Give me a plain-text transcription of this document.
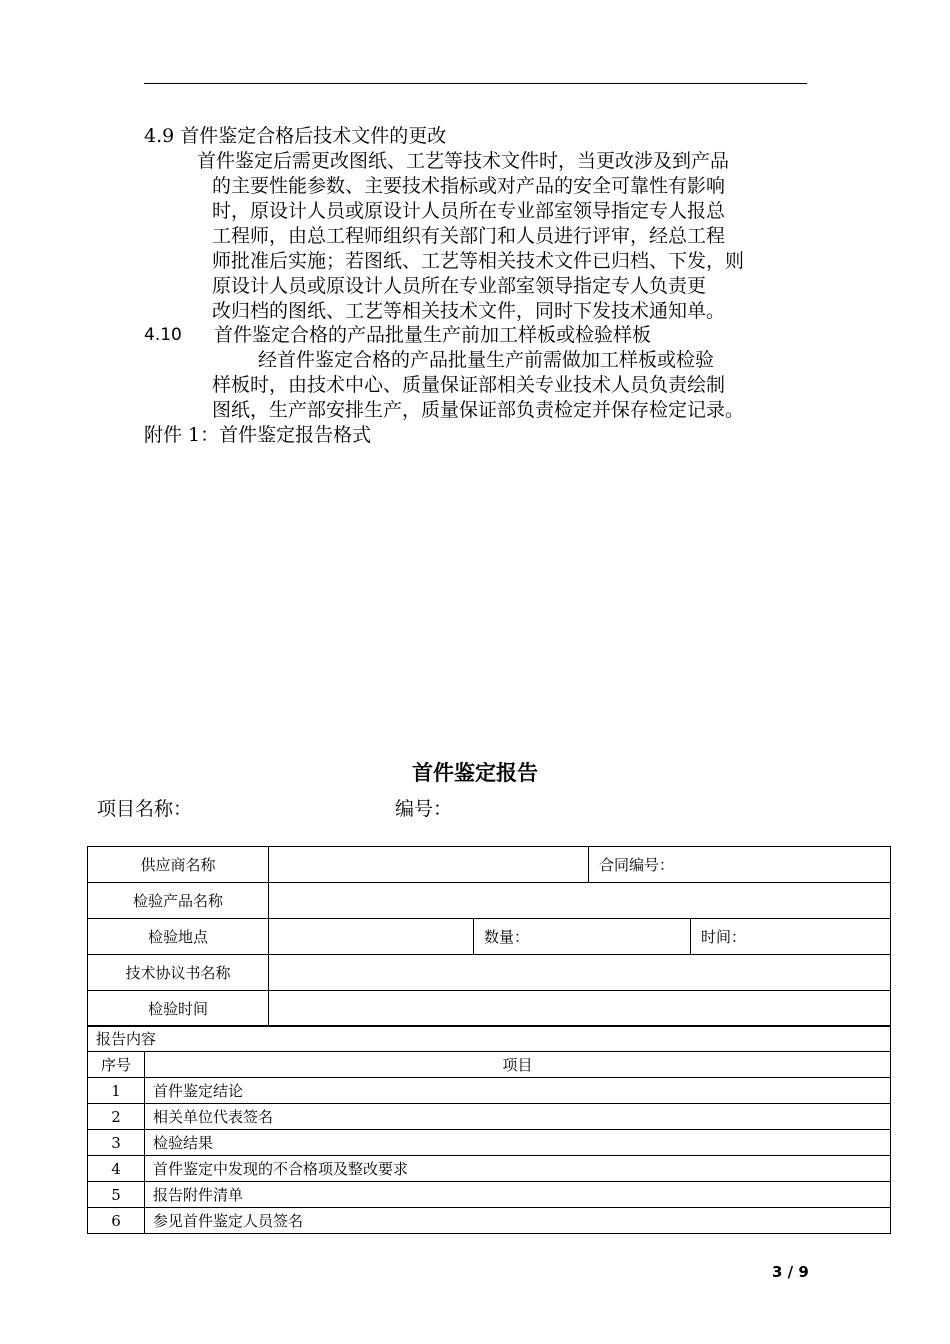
4.9 首件鉴定合格后技术文件的更改
首件鉴定后需更改图纸、工艺等技术文件时，当更改涉及到产品
的主要性能参数、主要技术指标或对产品的安全可靠性有影响
时，原设计人员或原设计人员所在专业部室领导指定专人报总
工程师，由总工程师组织有关部门和人员进行评审，经总工程
师批准后实施；若图纸、工艺等相关技术文件已归档、下发，则
原设计人员或原设计人员所在专业部室领导指定专人负责更
改归档的图纸、工艺等相关技术文件，同时下发技术通知单。
4.10 首件鉴定合格的产品批量生产前加工样板或检验样板
经首件鉴定合格的产品批量生产前需做加工样板或检验
样板时，由技术中心、质量保证部相关专业技术人员负责绘制
图纸，生产部安排生产，质量保证部负责检定并保存检定记录。
附件 1：首件鉴定报告格式
首件鉴定报告
项目名称：	编号：
供应商名称			合同编号：	
检验产品名称				
检验地点		数量：		时间：
技术协议书名称				
检验时间				
报告内容	
序号	项目
1	首件鉴定结论
2	相关单位代表签名
3	检验结果
4	首件鉴定中发现的不合格项及整改要求
5	报告附件清单
6	参见首件鉴定人员签名
3 / 9
